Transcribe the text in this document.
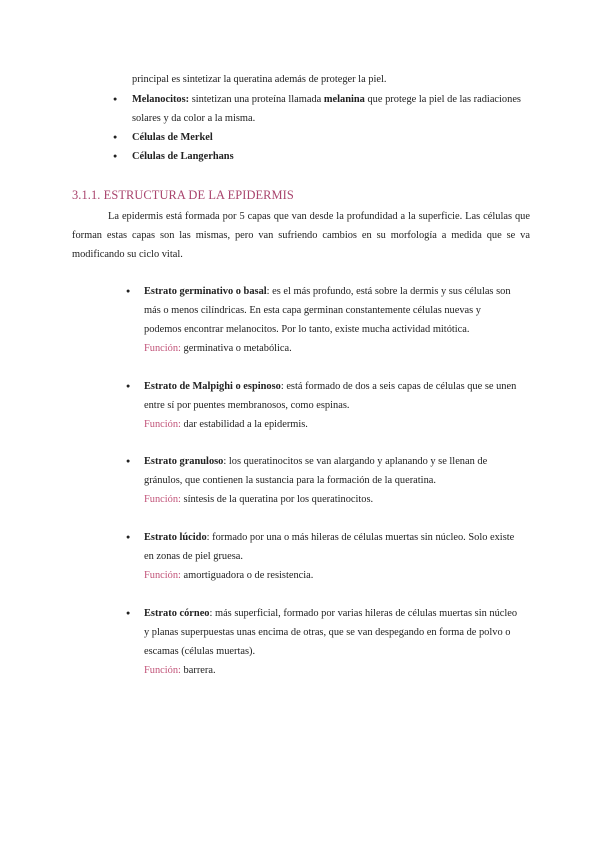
principal es sintetizar la queratina además de proteger la piel.

● Melanocitos: sintetizan una proteína llamada melanina que protege la piel de las radiaciones solares y da color a la misma.
● Células de Merkel
● Células de Langerhans
3.1.1. ESTRUCTURA DE LA EPIDERMIS

La epidermis está formada por 5 capas que van desde la profundidad a la superficie. Las células que forman estas capas son las mismas, pero van sufriendo cambios en su morfología a medida que se va modificando su ciclo vital.

● Estrato germinativo o basal: es el más profundo, está sobre la dermis y sus células son más o menos cilíndricas. En esta capa germinan constantemente células nuevas y podemos encontrar melanocitos. Por lo tanto, existe mucha actividad mitótica.

Función: germinativa o metabólica.

● Estrato de Malpighi o espinoso: está formado de dos a seis capas de células que se unen entre sí por puentes membranosos, como espinas.

Función: dar estabilidad a la epidermis.

● Estrato granuloso: los queratinocitos se van alargando y aplanando y se llenan de gránulos, que contienen la sustancia para la formación de la queratina.

Función: síntesis de la queratina por los queratinocitos.

● Estrato lúcido: formado por una o más hileras de células muertas sin núcleo. Solo existe en zonas de piel gruesa.

Función: amortiguadora o de resistencia.

● Estrato córneo: más superficial, formado por varias hileras de células muertas sin núcleo y planas superpuestas unas encima de otras, que se van despegando en forma de polvo o escamas (células muertas).

Función: barrera.
